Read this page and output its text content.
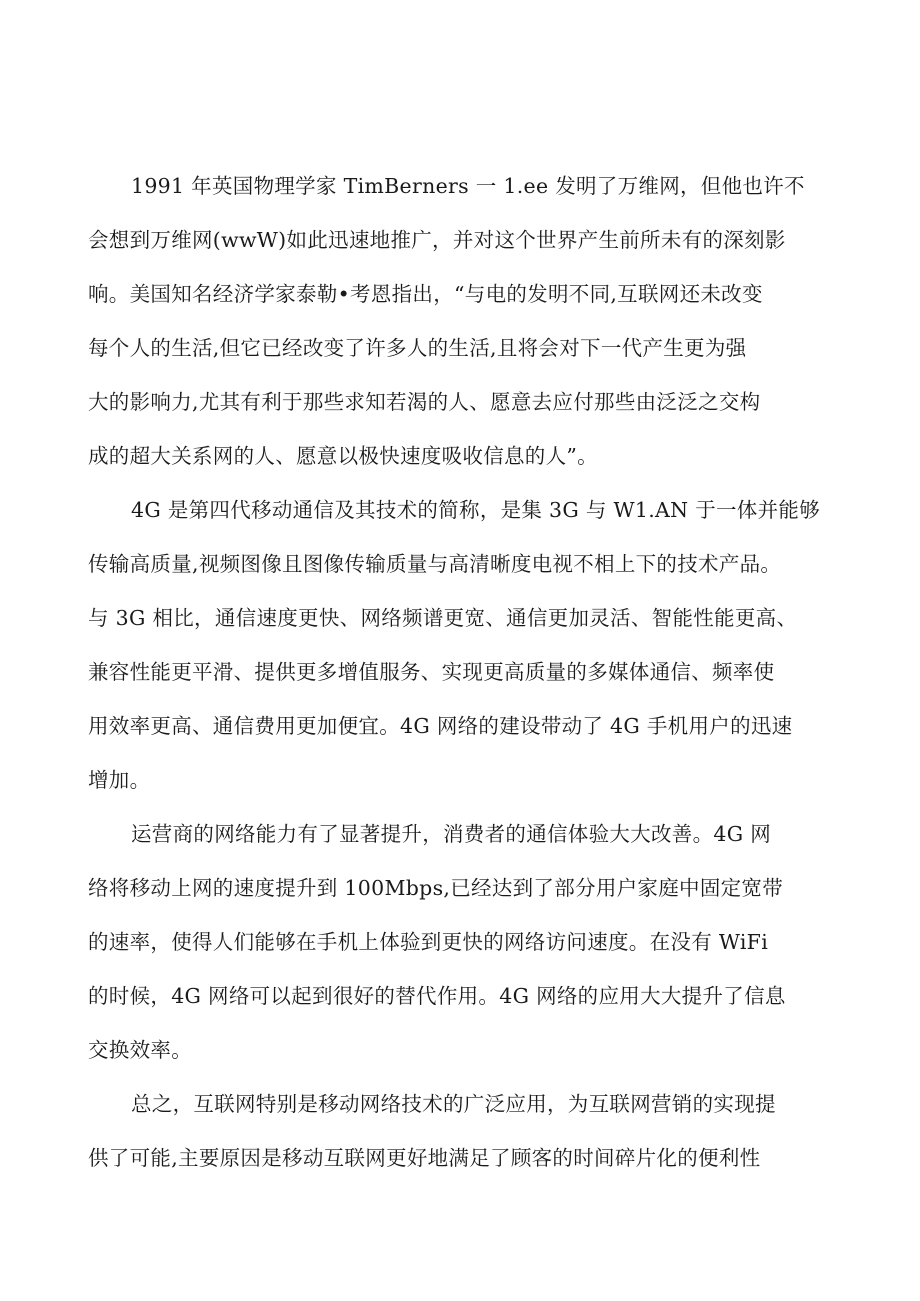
1991 年英国物理学家 TimBerners 一 1.ee 发明了万维网，但他也许不

会想到万维网(wwW)如此迅速地推广，并对这个世界产生前所未有的深刻影

响。美国知名经济学家泰勒•考恩指出，“与电的发明不同,互联网还未改变

每个人的生活,但它已经改变了许多人的生活,且将会对下一代产生更为强

大的影响力,尤其有利于那些求知若渴的人、愿意去应付那些由泛泛之交构

成的超大关系网的人、愿意以极快速度吸收信息的人”。

4G 是第四代移动通信及其技术的简称，是集 3G 与 W1.AN 于一体并能够

传输高质量,视频图像且图像传输质量与高清晰度电视不相上下的技术产品。

与 3G 相比，通信速度更快、网络频谱更宽、通信更加灵活、智能性能更高、

兼容性能更平滑、提供更多增值服务、实现更高质量的多媒体通信、频率使

用效率更高、通信费用更加便宜。4G 网络的建设带动了 4G 手机用户的迅速

增加。

运营商的网络能力有了显著提升，消费者的通信体验大大改善。4G 网

络将移动上网的速度提升到 100Mbps,已经达到了部分用户家庭中固定宽带

的速率，使得人们能够在手机上体验到更快的网络访问速度。在没有 WiFi

的时候，4G 网络可以起到很好的替代作用。4G 网络的应用大大提升了信息

交换效率。

总之，互联网特别是移动网络技术的广泛应用，为互联网营销的实现提

供了可能,主要原因是移动互联网更好地满足了顾客的时间碎片化的便利性
